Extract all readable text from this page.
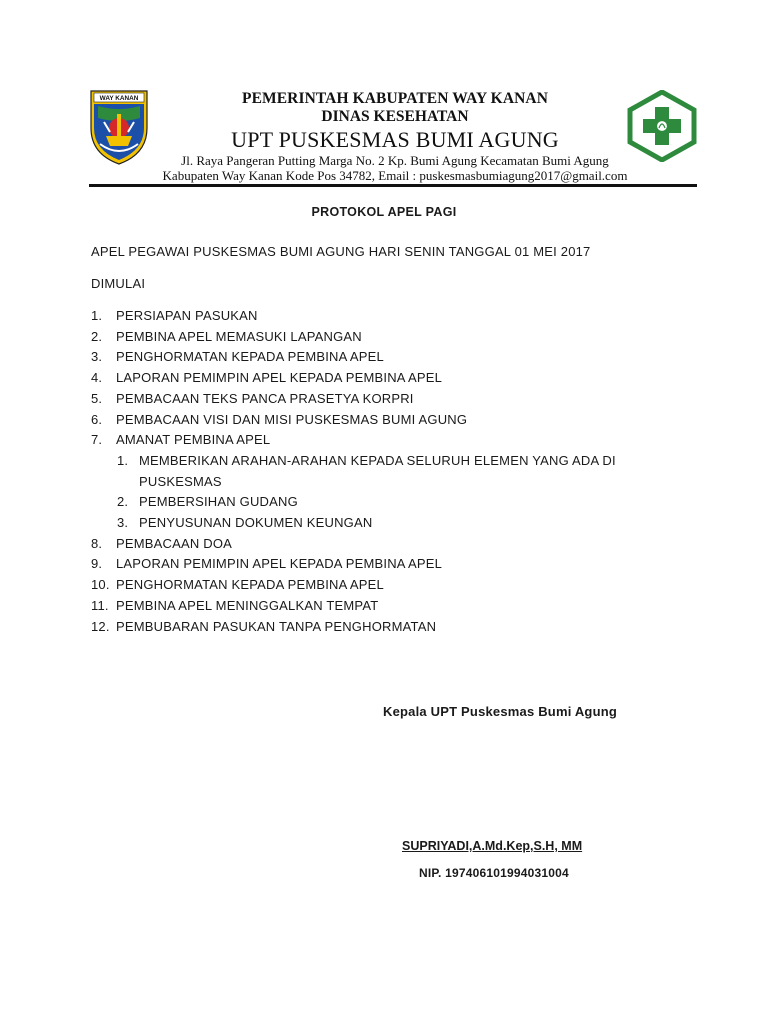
WAY KANAN	PEMERINTAH KABUPATEN WAY KANAN
DINAS KESEHATAN
UPT PUSKESMAS BUMI AGUNG
Jl. Raya Pangeran Putting Marga No. 2 Kp. Bumi Agung Kecamatan Bumi Agung
Kabupaten Way Kanan Kode Pos 34782, Email : puskesmasbumiagung2017@gmail.com
PROTOKOL APEL PAGI
APEL PEGAWAI PUSKESMAS BUMI AGUNG HARI SENIN TANGGAL 01 MEI 2017
DIMULAI
1.	PERSIAPAN PASUKAN
2.	PEMBINA APEL MEMASUKI LAPANGAN
3.	PENGHORMATAN KEPADA PEMBINA APEL
4.	LAPORAN PEMIMPIN APEL KEPADA PEMBINA APEL
5.	PEMBACAAN TEKS PANCA PRASETYA KORPRI
6.	PEMBACAAN VISI DAN MISI PUSKESMAS BUMI AGUNG
7.	AMANAT PEMBINA APEL
1. MEMBERIKAN ARAHAN-ARAHAN KEPADA SELURUH ELEMEN YANG ADA DI
PUSKESMAS
2. PEMBERSIHAN GUDANG
3. PENYUSUNAN DOKUMEN KEUNGAN
8.	PEMBACAAN DOA
9.	LAPORAN PEMIMPIN APEL KEPADA PEMBINA APEL
10. PENGHORMATAN KEPADA PEMBINA APEL
11. PEMBINA APEL MENINGGALKAN TEMPAT
12. PEMBUBARAN PASUKAN TANPA PENGHORMATAN
Kepala UPT Puskesmas Bumi Agung
SUPRIYADI,A.Md.Kep,S.H, MM
NIP. 197406101994031004
